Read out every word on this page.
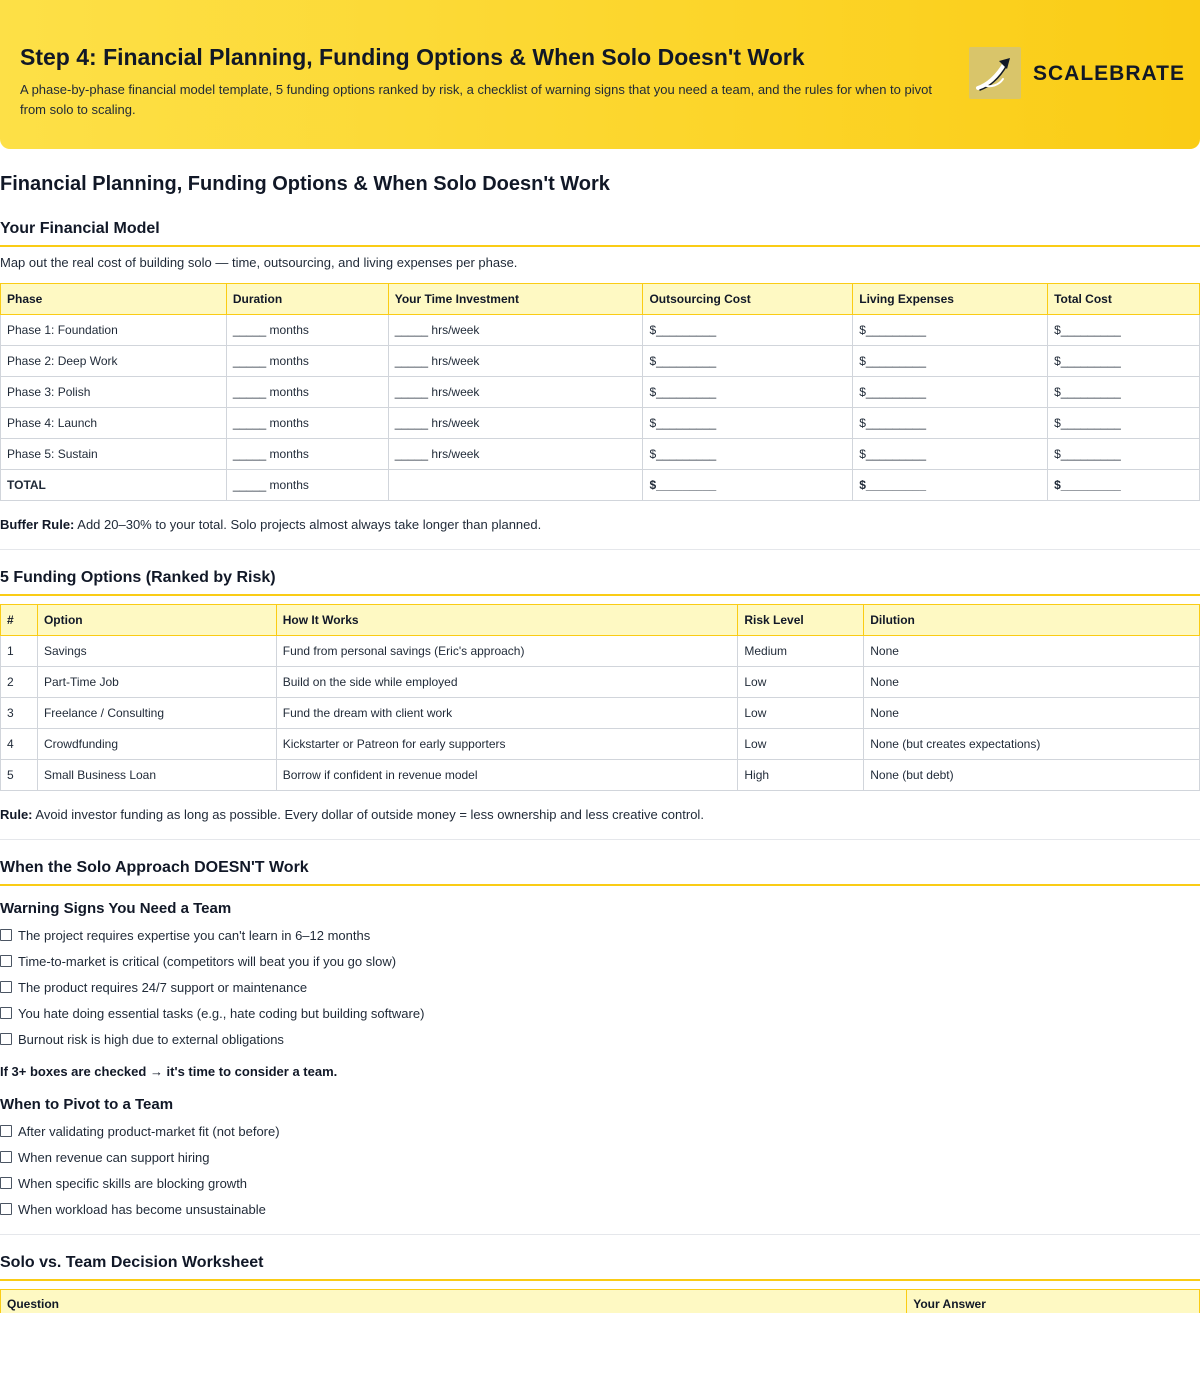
Step 4: Financial Planning, Funding Options & When Solo Doesn't Work
A phase-by-phase financial model template, 5 funding options ranked by risk, a checklist of warning signs that you need a team, and the rules for when to pivot from solo to scaling.
SCALEBRATE
Financial Planning, Funding Options & When Solo Doesn't Work
Your Financial Model
Map out the real cost of building solo — time, outsourcing, and living expenses per phase.
Phase	Duration	Your Time Investment	Outsourcing Cost	Living Expenses	Total Cost
Phase 1: Foundation	_____ months	_____ hrs/week	$_________	$_________	$_________
Phase 2: Deep Work	_____ months	_____ hrs/week	$_________	$_________	$_________
Phase 3: Polish	_____ months	_____ hrs/week	$_________	$_________	$_________
Phase 4: Launch	_____ months	_____ hrs/week	$_________	$_________	$_________
Phase 5: Sustain	_____ months	_____ hrs/week	$_________	$_________	$_________
TOTAL	_____ months		$_________	$_________	$_________
Buffer Rule: Add 20–30% to your total. Solo projects almost always take longer than planned.
5 Funding Options (Ranked by Risk)
#	Option	How It Works	Risk Level	Dilution
1	Savings	Fund from personal savings (Eric's approach)	Medium	None
2	Part-Time Job	Build on the side while employed	Low	None
3	Freelance / Consulting	Fund the dream with client work	Low	None
4	Crowdfunding	Kickstarter or Patreon for early supporters	Low	None (but creates expectations)
5	Small Business Loan	Borrow if confident in revenue model	High	None (but debt)
Rule: Avoid investor funding as long as possible. Every dollar of outside money = less ownership and less creative control.
When the Solo Approach DOESN'T Work
Warning Signs You Need a Team
The project requires expertise you can't learn in 6–12 months
Time-to-market is critical (competitors will beat you if you go slow)
The product requires 24/7 support or maintenance
You hate doing essential tasks (e.g., hate coding but building software)
Burnout risk is high due to external obligations
If 3+ boxes are checked → it's time to consider a team.
When to Pivot to a Team
After validating product-market fit (not before)
When revenue can support hiring
When specific skills are blocking growth
When workload has become unsustainable
Solo vs. Team Decision Worksheet
Question	Your Answer
